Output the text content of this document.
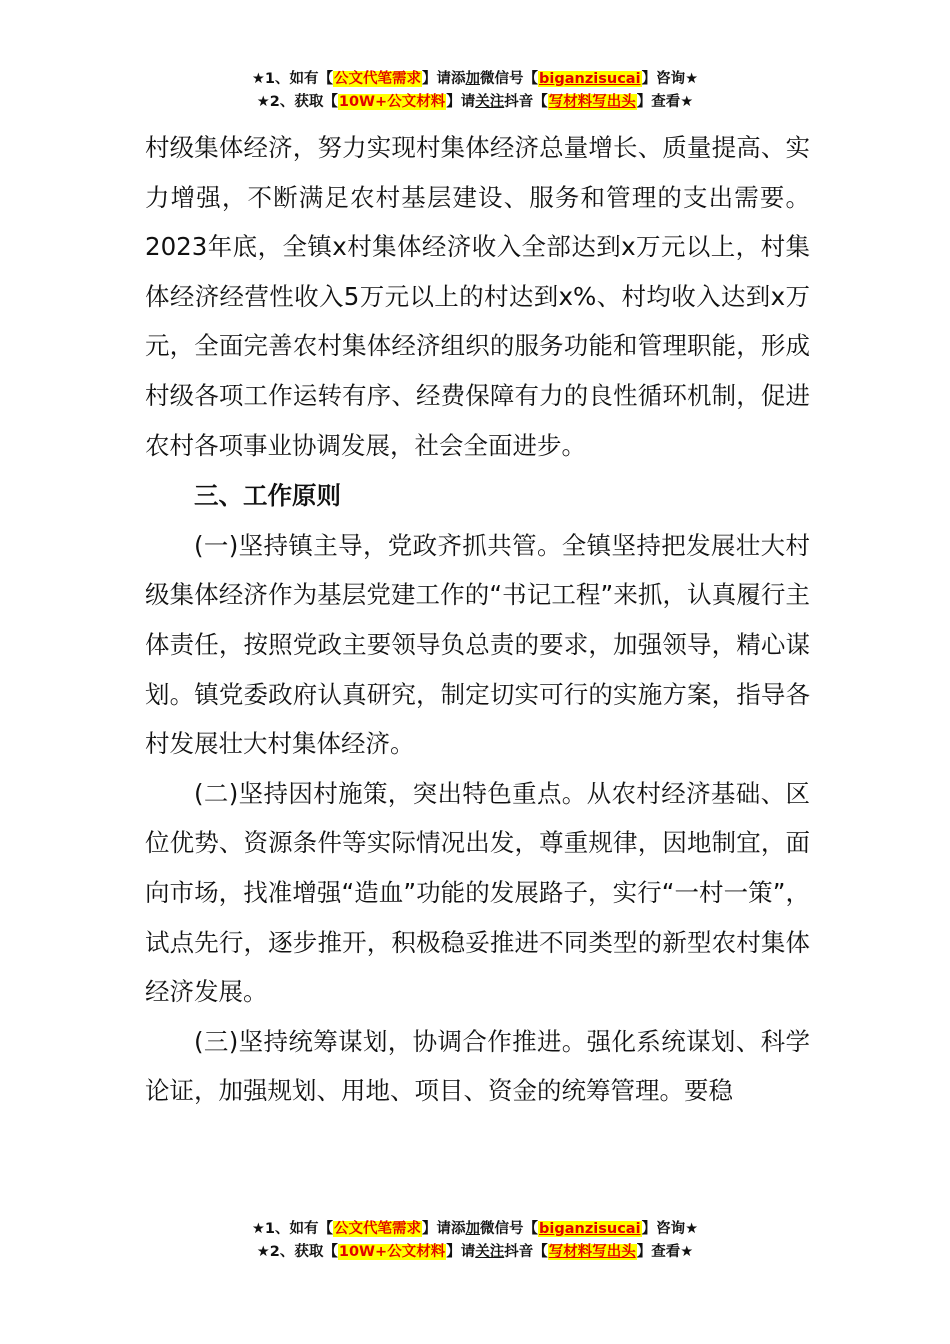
★1、如有【公文代笔需求】请添加微信号【biganzisucai】咨询★
★2、获取【10W+公文材料】请关注抖音【写材料写出头】查看★

村级集体经济，努力实现村集体经济总量增长、质量提高、实力增强，不断满足农村基层建设、服务和管理的支出需要。2023年底，全镇x村集体经济收入全部达到x万元以上，村集体经济经营性收入5万元以上的村达到x%、村均收入达到x万元，全面完善农村集体经济组织的服务功能和管理职能，形成村级各项工作运转有序、经费保障有力的良性循环机制，促进农村各项事业协调发展，社会全面进步。

三、工作原则

(一)坚持镇主导，党政齐抓共管。全镇坚持把发展壮大村级集体经济作为基层党建工作的“书记工程”来抓，认真履行主体责任，按照党政主要领导负总责的要求，加强领导，精心谋划。镇党委政府认真研究，制定切实可行的实施方案，指导各村发展壮大村集体经济。

(二)坚持因村施策，突出特色重点。从农村经济基础、区位优势、资源条件等实际情况出发，尊重规律，因地制宜，面向市场，找准增强“造血”功能的发展路子，实行“一村一策”，试点先行，逐步推开，积极稳妥推进不同类型的新型农村集体经济发展。

(三)坚持统筹谋划，协调合作推进。强化系统谋划、科学论证，加强规划、用地、项目、资金的统筹管理。要稳

★1、如有【公文代笔需求】请添加微信号【biganzisucai】咨询★
★2、获取【10W+公文材料】请关注抖音【写材料写出头】查看★
